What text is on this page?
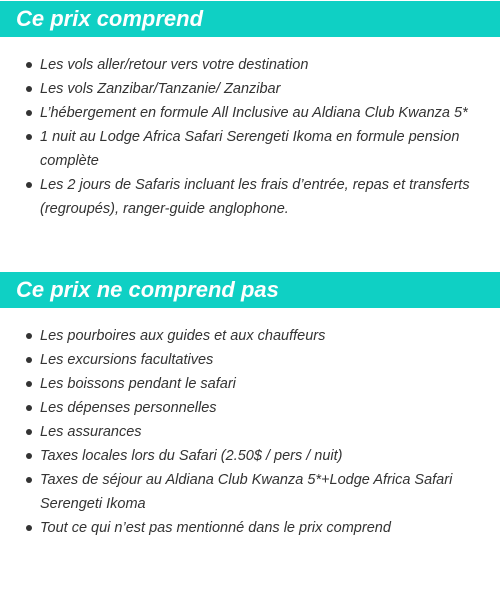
Ce prix comprend
Les vols aller/retour vers votre destination
Les vols Zanzibar/Tanzanie/ Zanzibar
L’hébergement en formule All Inclusive au Aldiana Club Kwanza 5*
1 nuit au Lodge Africa Safari Serengeti Ikoma en formule pension complète
Les 2 jours de Safaris incluant les frais d’entrée, repas et transferts (regroupés), ranger-guide anglophone.
Ce prix ne comprend pas
Les pourboires aux guides et aux chauffeurs
Les excursions facultatives
Les boissons pendant le safari
Les dépenses personnelles
Les assurances
Taxes locales lors du Safari (2.50$ / pers / nuit)
Taxes de séjour au Aldiana Club Kwanza 5*+Lodge Africa Safari Serengeti Ikoma
Tout ce qui n’est pas mentionné dans le prix comprend
